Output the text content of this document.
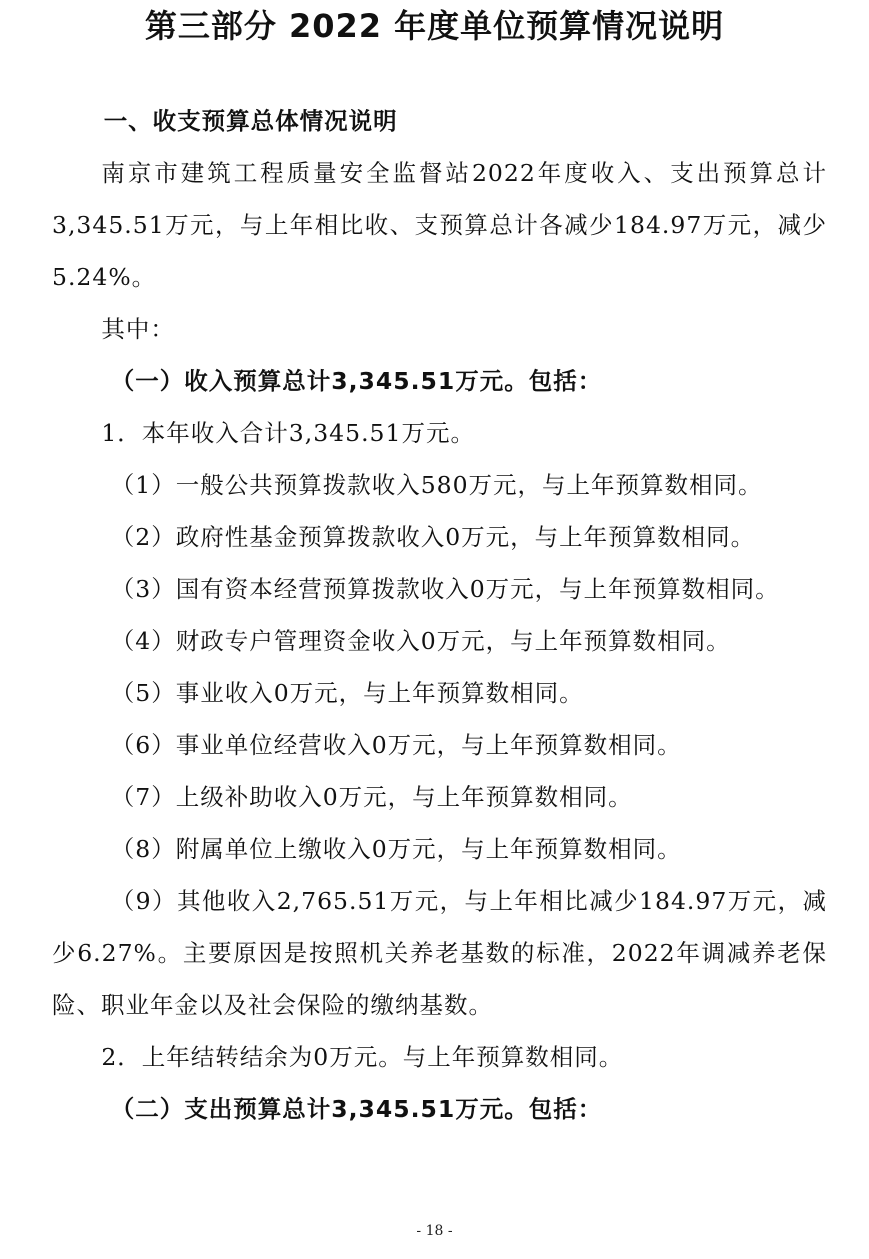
第三部分 2022 年度单位预算情况说明

一、收支预算总体情况说明

南京市建筑工程质量安全监督站2022年度收入、支出预算总计3,345.51万元，与上年相比收、支预算总计各减少184.97万元，减少5.24%。

其中：

（一）收入预算总计3,345.51万元。包括：

1．本年收入合计3,345.51万元。

（1）一般公共预算拨款收入580万元，与上年预算数相同。

（2）政府性基金预算拨款收入0万元，与上年预算数相同。

（3）国有资本经营预算拨款收入0万元，与上年预算数相同。

（4）财政专户管理资金收入0万元，与上年预算数相同。

（5）事业收入0万元，与上年预算数相同。

（6）事业单位经营收入0万元，与上年预算数相同。

（7）上级补助收入0万元，与上年预算数相同。

（8）附属单位上缴收入0万元，与上年预算数相同。

（9）其他收入2,765.51万元，与上年相比减少184.97万元，减少6.27%。主要原因是按照机关养老基数的标准，2022年调减养老保险、职业年金以及社会保险的缴纳基数。

2．上年结转结余为0万元。与上年预算数相同。

（二）支出预算总计3,345.51万元。包括：

- 18 -
